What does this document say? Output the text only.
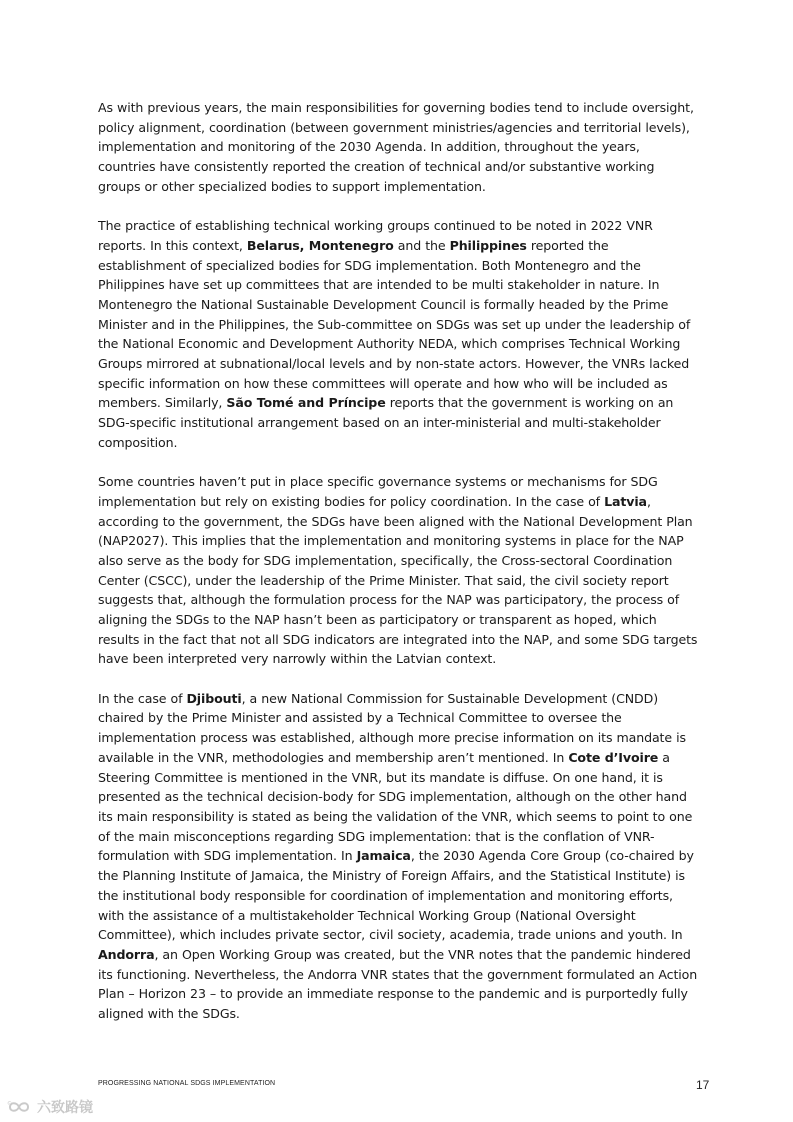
As with previous years, the main responsibilities for governing bodies tend to include oversight, policy alignment, coordination (between government ministries/agencies and territorial levels), implementation and monitoring of the 2030 Agenda. In addition, throughout the years, countries have consistently reported the creation of technical and/or substantive working groups or other specialized bodies to support implementation.

The practice of establishing technical working groups continued to be noted in 2022 VNR reports. In this context, Belarus, Montenegro and the Philippines reported the establishment of specialized bodies for SDG implementation. Both Montenegro and the Philippines have set up committees that are intended to be multi stakeholder in nature. In Montenegro the National Sustainable Development Council is formally headed by the Prime Minister and in the Philippines, the Sub-committee on SDGs was set up under the leadership of the National Economic and Development Authority NEDA, which comprises Technical Working Groups mirrored at subnational/local levels and by non-state actors. However, the VNRs lacked specific information on how these committees will operate and how who will be included as members. Similarly, São Tomé and Príncipe reports that the government is working on an SDG-specific institutional arrangement based on an inter-ministerial and multi-stakeholder composition.

Some countries haven’t put in place specific governance systems or mechanisms for SDG implementation but rely on existing bodies for policy coordination. In the case of Latvia, according to the government, the SDGs have been aligned with the National Development Plan (NAP2027). This implies that the implementation and monitoring systems in place for the NAP also serve as the body for SDG implementation, specifically, the Cross-sectoral Coordination Center (CSCC), under the leadership of the Prime Minister. That said, the civil society report suggests that, although the formulation process for the NAP was participatory, the process of aligning the SDGs to the NAP hasn’t been as participatory or transparent as hoped, which results in the fact that not all SDG indicators are integrated into the NAP, and some SDG targets have been interpreted very narrowly within the Latvian context.

In the case of Djibouti, a new National Commission for Sustainable Development (CNDD) chaired by the Prime Minister and assisted by a Technical Committee to oversee the implementation process was established, although more precise information on its mandate is available in the VNR, methodologies and membership aren’t mentioned. In Cote d’Ivoire a Steering Committee is mentioned in the VNR, but its mandate is diffuse. On one hand, it is presented as the technical decision-body for SDG implementation, although on the other hand its main responsibility is stated as being the validation of the VNR, which seems to point to one of the main misconceptions regarding SDG implementation: that is the conflation of VNR-formulation with SDG implementation. In Jamaica, the 2030 Agenda Core Group (co-chaired by the Planning Institute of Jamaica, the Ministry of Foreign Affairs, and the Statistical Institute) is the institutional body responsible for coordination of implementation and monitoring efforts, with the assistance of a multistakeholder Technical Working Group (National Oversight Committee), which includes private sector, civil society, academia, trade unions and youth. In Andorra, an Open Working Group was created, but the VNR notes that the pandemic hindered its functioning. Nevertheless, the Andorra VNR states that the government formulated an Action Plan – Horizon 23 – to provide an immediate response to the pandemic and is purportedly fully aligned with the SDGs.

PROGRESSING NATIONAL SDGS IMPLEMENTATION	17
© 六致路镜
